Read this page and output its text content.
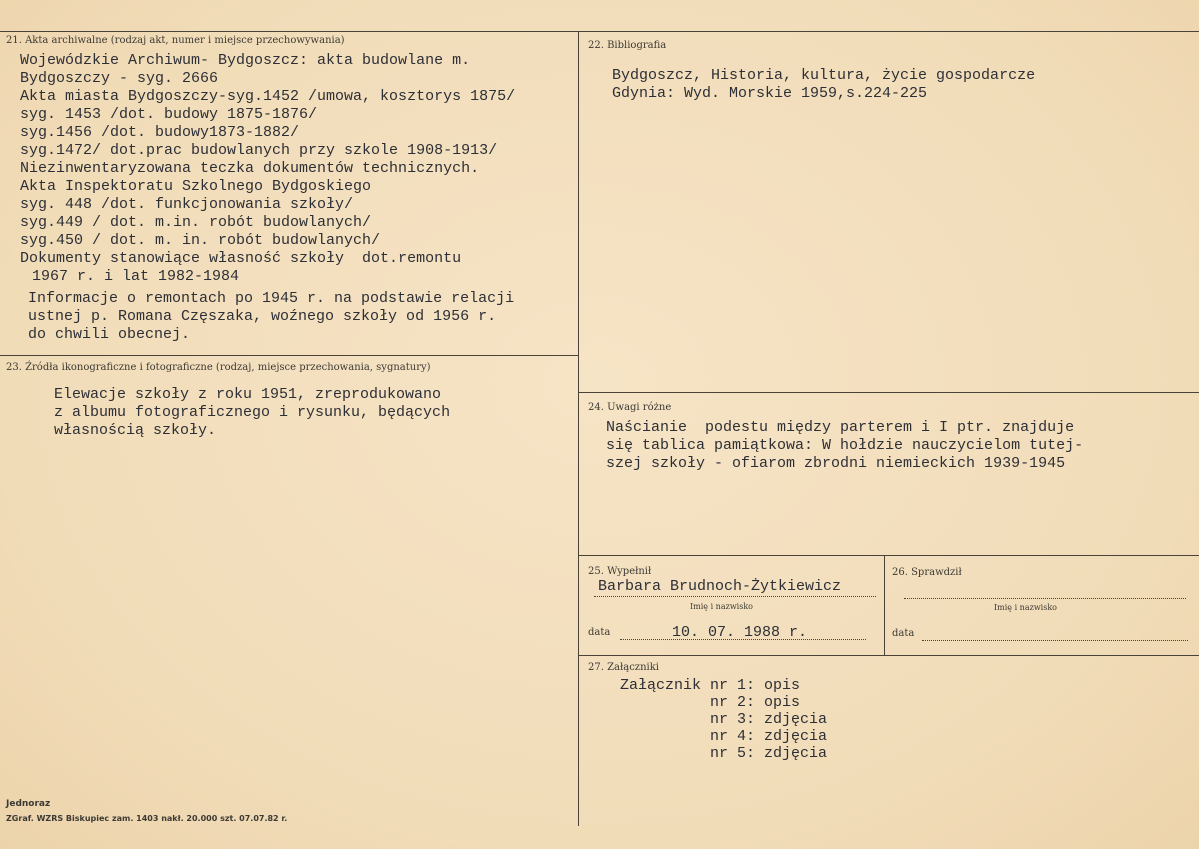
21. Akta archiwalne (rodzaj akt, numer i miejsce przechowywania)
Wojewódzkie Archiwum- Bydgoszcz: akta budowlane m.
Bydgoszczy - syg. 2666
Akta miasta Bydgoszczy-syg.1452 /umowa, kosztorys 1875/
syg. 1453 /dot. budowy 1875-1876/
syg.1456 /dot. budowy1873-1882/
syg.1472/ dot.prac budowlanych przy szkole 1908-1913/
Niezinwentaryzowana teczka dokumentów technicznych.
Akta Inspektoratu Szkolnego Bydgoskiego
syg. 448 /dot. funkcjonowania szkoły/
syg.449 / dot. m.in. robót budowlanych/
syg.450 / dot. m. in. robót budowlanych/
Dokumenty stanowiące własność szkoły  dot.remontu
1967 r. i lat 1982-1984
Informacje o remontach po 1945 r. na podstawie relacji
ustnej p. Romana Częszaka, woźnego szkoły od 1956 r.
do chwili obecnej.
22. Bibliografia
Bydgoszcz, Historia, kultura, życie gospodarcze
Gdynia: Wyd. Morskie 1959,s.224-225
23. Źródła ikonograficzne i fotograficzne (rodzaj, miejsce przechowania, sygnatury)
Elewacje szkoły z roku 1951, zreprodukowano
z albumu fotograficznego i rysunku, będących
własnością szkoły.
24. Uwagi różne
Naścianie  podestu między parterem i I ptr. znajduje
się tablica pamiątkowa: W hołdzie nauczycielom tutej-
szej szkoły - ofiarom zbrodni niemieckich 1939-1945
25. Wypełnił
Barbara Brudnoch-Żytkiewicz
Imię i nazwisko
data	10. 07. 1988 r.
26. Sprawdził
Imię i nazwisko
data
27. Załączniki
Załącznik nr 1: opis
nr 2: opis
nr 3: zdjęcia
nr 4: zdjęcia
nr 5: zdjęcia
Jednoraz
ZGraf. WZRS Biskupiec zam. 1403 nakł. 20.000 szt. 07.07.82 r.
